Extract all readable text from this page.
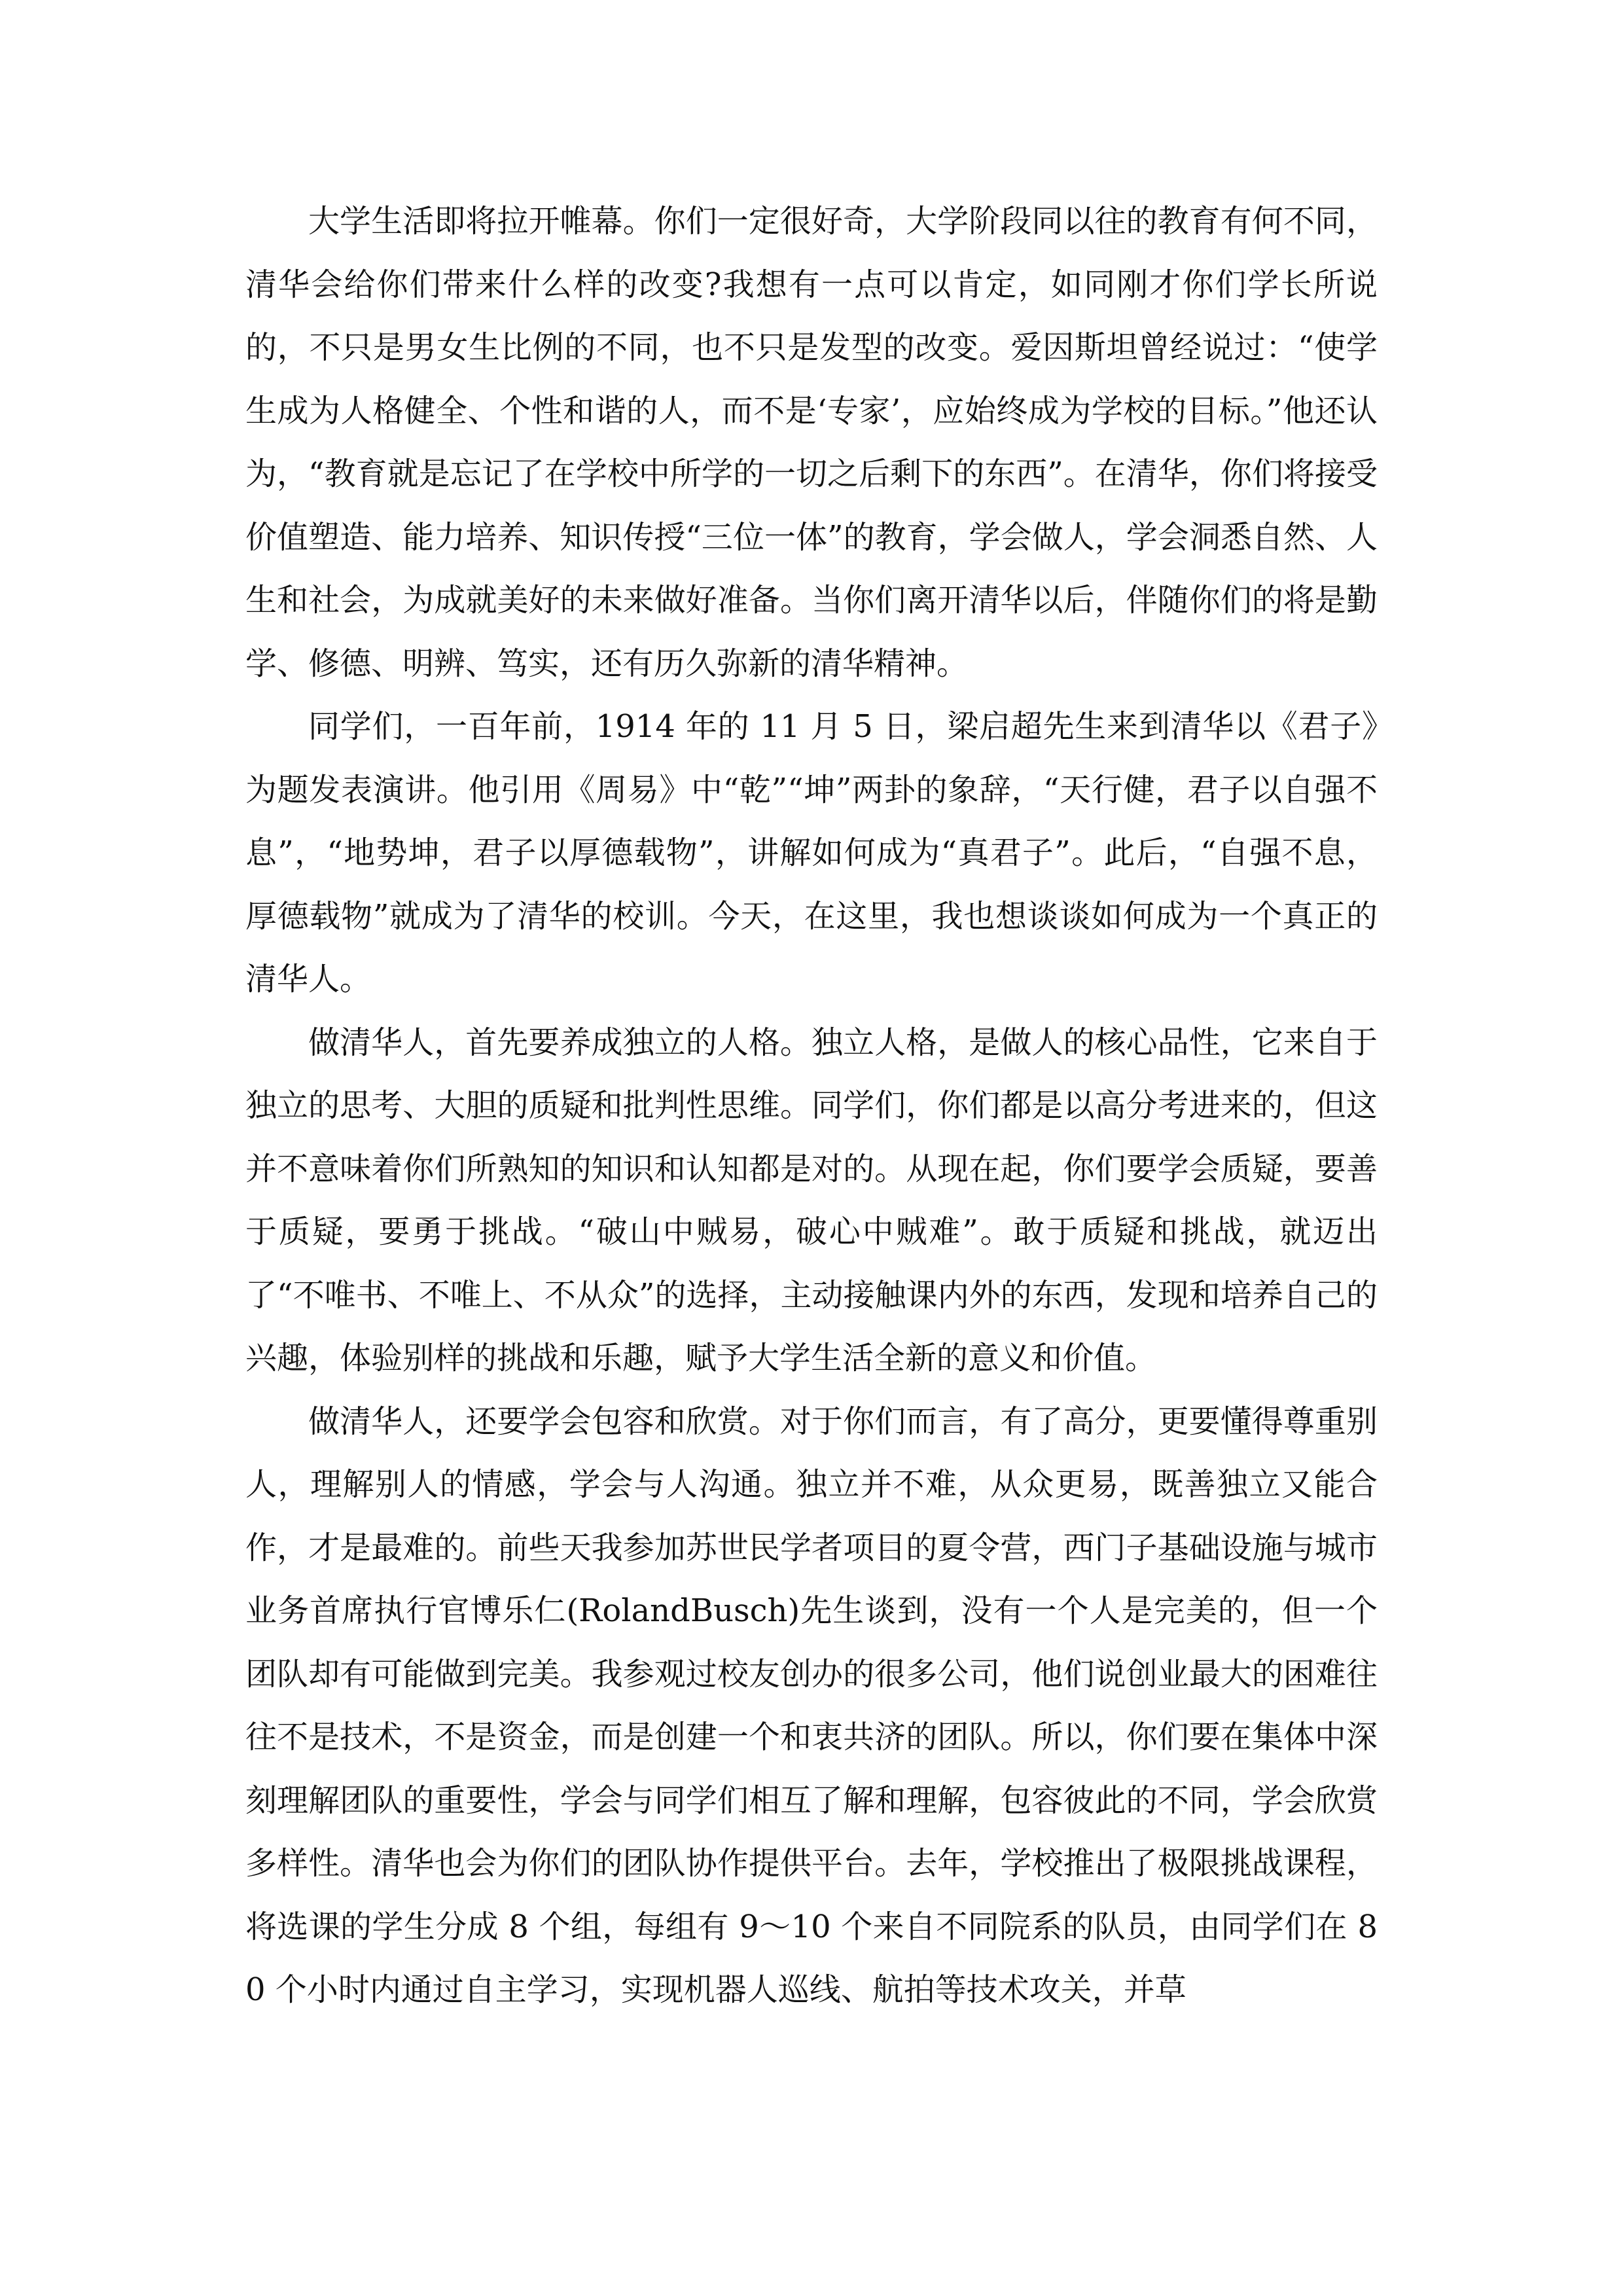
大学生活即将拉开帷幕。你们一定很好奇，大学阶段同以往的教育有何不同，清华会给你们带来什么样的改变?我想有一点可以肯定，如同刚才你们学长所说的，不只是男女生比例的不同，也不只是发型的改变。爱因斯坦曾经说过：“使学生成为人格健全、个性和谐的人，而不是‘专家’，应始终成为学校的目标。”他还认为，“教育就是忘记了在学校中所学的一切之后剩下的东西”。在清华，你们将接受价值塑造、能力培养、知识传授“三位一体”的教育，学会做人，学会洞悉自然、人生和社会，为成就美好的未来做好准备。当你们离开清华以后，伴随你们的将是勤学、修德、明辨、笃实，还有历久弥新的清华精神。

同学们，一百年前，1914 年的 11 月 5 日，梁启超先生来到清华以《君子》为题发表演讲。他引用《周易》中“乾”“坤”两卦的象辞，“天行健，君子以自强不息”，“地势坤，君子以厚德载物”，讲解如何成为“真君子”。此后，“自强不息，厚德载物”就成为了清华的校训。今天，在这里，我也想谈谈如何成为一个真正的清华人。

做清华人，首先要养成独立的人格。独立人格，是做人的核心品性，它来自于独立的思考、大胆的质疑和批判性思维。同学们，你们都是以高分考进来的，但这并不意味着你们所熟知的知识和认知都是对的。从现在起，你们要学会质疑，要善于质疑，要勇于挑战。“破山中贼易，破心中贼难”。敢于质疑和挑战，就迈出了“不唯书、不唯上、不从众”的选择，主动接触课内外的东西，发现和培养自己的兴趣，体验别样的挑战和乐趣，赋予大学生活全新的意义和价值。

做清华人，还要学会包容和欣赏。对于你们而言，有了高分，更要懂得尊重别人，理解别人的情感，学会与人沟通。独立并不难，从众更易，既善独立又能合作，才是最难的。前些天我参加苏世民学者项目的夏令营，西门子基础设施与城市业务首席执行官博乐仁(RolandBusch)先生谈到，没有一个人是完美的，但一个团队却有可能做到完美。我参观过校友创办的很多公司，他们说创业最大的困难往往不是技术，不是资金，而是创建一个和衷共济的团队。所以，你们要在集体中深刻理解团队的重要性，学会与同学们相互了解和理解，包容彼此的不同，学会欣赏多样性。清华也会为你们的团队协作提供平台。去年，学校推出了极限挑战课程，将选课的学生分成 8 个组，每组有 9～10 个来自不同院系的队员，由同学们在 80 个小时内通过自主学习，实现机器人巡线、航拍等技术攻关，并草
